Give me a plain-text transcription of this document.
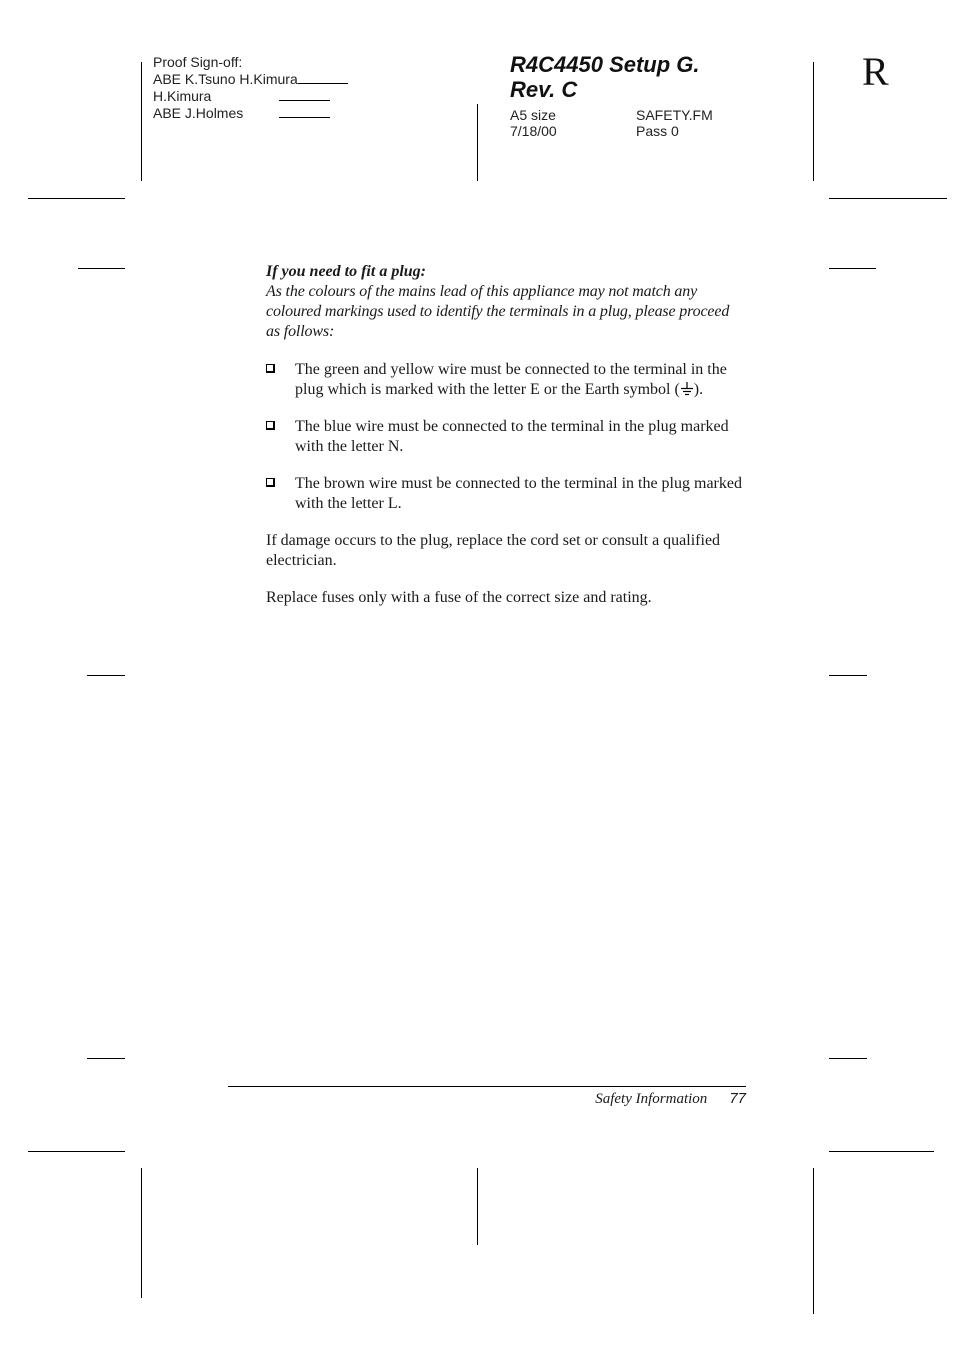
Proof Sign-off:
ABE K.Tsuno H.Kimura
H.Kimura
ABE J.Holmes
R4C4450 Setup G.
Rev. C
A5 size	SAFETY.FM
7/18/00	Pass 0
R
If you need to fit a plug:
As the colours of the mains lead of this appliance may not match any coloured markings used to identify the terminals in a plug, please proceed as follows:
The green and yellow wire must be connected to the terminal in the plug which is marked with the letter E or the Earth symbol ( ).
The blue wire must be connected to the terminal in the plug marked with the letter N.
The brown wire must be connected to the terminal in the plug marked with the letter L.
If damage occurs to the plug, replace the cord set or consult a qualified electrician.
Replace fuses only with a fuse of the correct size and rating.
Safety Information 77
